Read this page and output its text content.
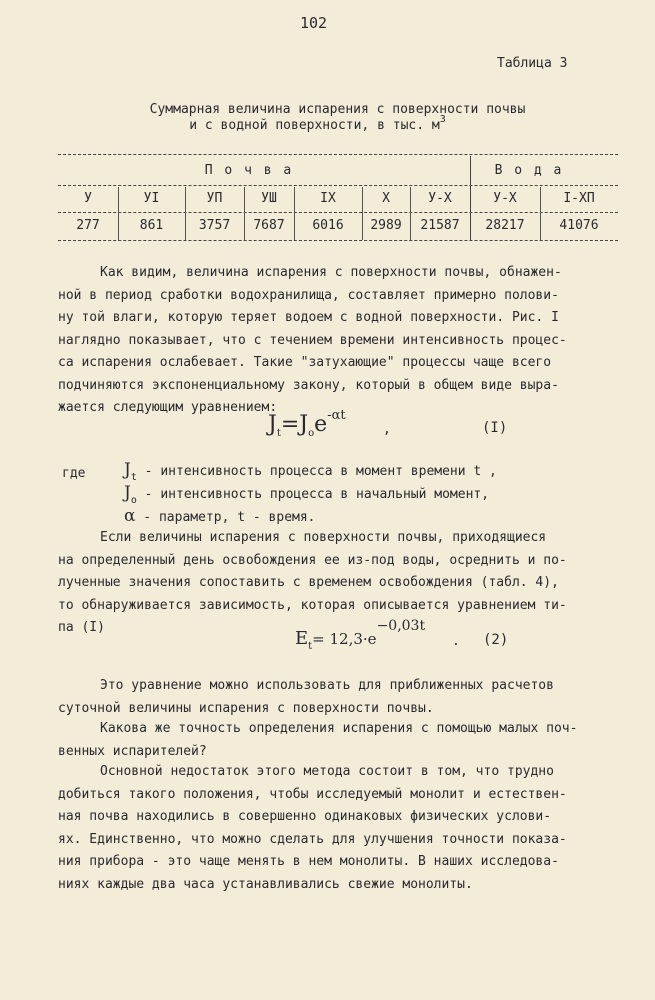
102
Таблица 3
Суммарная величина испарения с поверхности почвы
и с водной поверхности, в тыс. $м^3$
П о ч в а	В о д а
У	УI	УП	УШ	IX	X	У-X	У-X	I-XП
277	861	3757	7687	6016	2989	21587	28217	41076
Как видим, величина испарения с поверхности почвы, обнажен-
ной в период сработки водохранилища, составляет примерно полови-
ну той влаги, которую теряет водоем с водной поверхности. Рис. I
наглядно показывает, что с течением времени интенсивность процес-
са испарения ослабевает. Такие "затухающие" процессы чаще всего
подчиняются экспоненциальному закону, который в общем виде выра-
жается следующим уравнением:
$J_t=J_oe^{-\alpha t}$
,	(I)
где $J_t$ - интенсивность процесса в момент времени t ,
$J_o$ - интенсивность процесса в начальный момент,
α - параметр, t - время.
Если величины испарения с поверхности почвы, приходящиеся
на определенный день освобождения ее из-под воды, осреднить и по-
лученные значения сопоставить с временем освобождения (табл. 4),
то обнаруживается зависимость, которая описывается уравнением ти-
па (I)
$E_t= 12,3\cdot e^{-0,03t}$
. (2)
Это уравнение можно использовать для приближенных расчетов
суточной величины испарения с поверхности почвы.
Какова же точность определения испарения с помощью малых поч-
венных испарителей?
Основной недостаток этого метода состоит в том, что трудно
добиться такого положения, чтобы исследуемый монолит и естествен-
ная почва находились в совершенно одинаковых физических услови-
ях. Единственно, что можно сделать для улучшения точности показа-
ния прибора - это чаще менять в нем монолиты. В наших исследова-
ниях каждые два часа устанавливались свежие монолиты.
